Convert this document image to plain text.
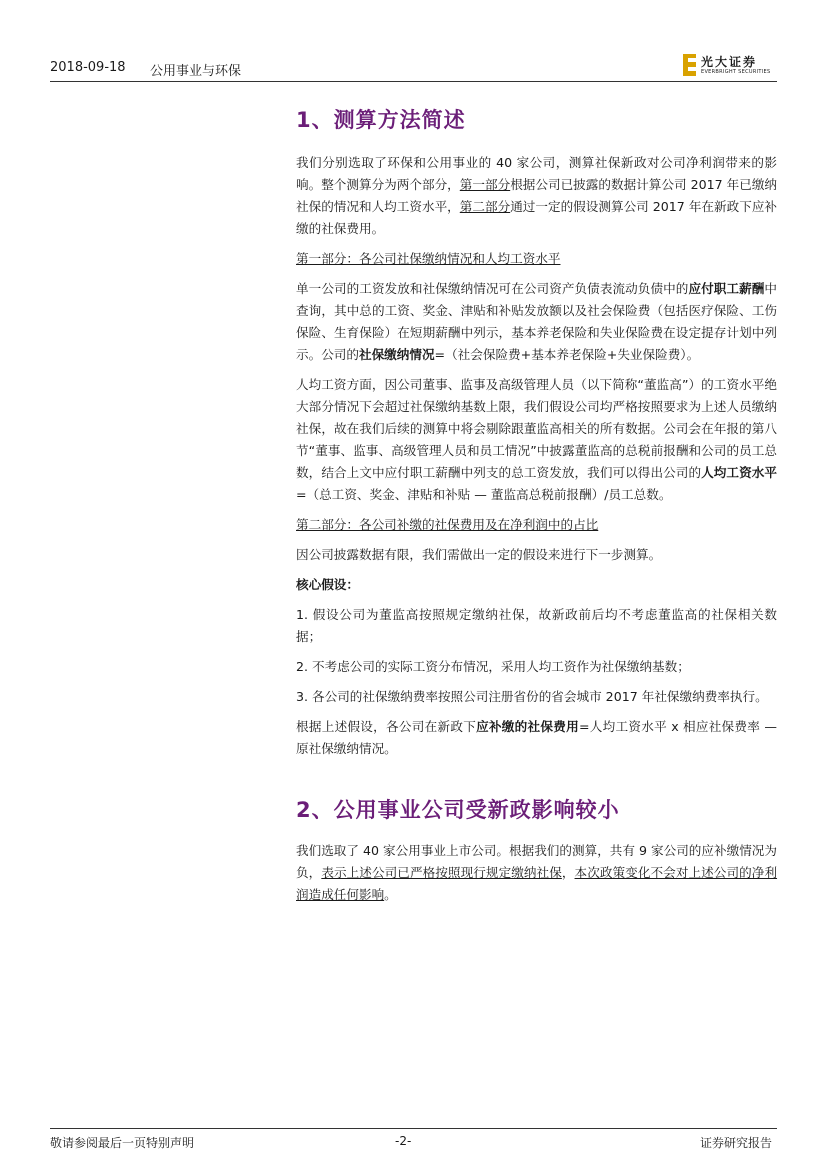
2018-09-18 公用事业与环保
光大证券
EVERBRIGHT SECURITIES
1、测算方法简述

我们分别选取了环保和公用事业的 40 家公司，测算社保新政对公司净利润带来的影响。整个测算分为两个部分，第一部分根据公司已披露的数据计算公司 2017 年已缴纳社保的情况和人均工资水平，第二部分通过一定的假设测算公司 2017 年在新政下应补缴的社保费用。

第一部分：各公司社保缴纳情况和人均工资水平

单一公司的工资发放和社保缴纳情况可在公司资产负债表流动负债中的应付职工薪酬中查询，其中总的工资、奖金、津贴和补贴发放额以及社会保险费（包括医疗保险、工伤保险、生育保险）在短期薪酬中列示，基本养老保险和失业保险费在设定提存计划中列示。公司的社保缴纳情况=（社会保险费+基本养老保险+失业保险费）。

人均工资方面，因公司董事、监事及高级管理人员（以下简称“董监高”）的工资水平绝大部分情况下会超过社保缴纳基数上限，我们假设公司均严格按照要求为上述人员缴纳社保，故在我们后续的测算中将会剔除跟董监高相关的所有数据。公司会在年报的第八节“董事、监事、高级管理人员和员工情况”中披露董监高的总税前报酬和公司的员工总数，结合上文中应付职工薪酬中列支的总工资发放，我们可以得出公司的人均工资水平=（总工资、奖金、津贴和补贴 — 董监高总税前报酬）/员工总数。

第二部分：各公司补缴的社保费用及在净利润中的占比

因公司披露数据有限，我们需做出一定的假设来进行下一步测算。

核心假设：

1. 假设公司为董监高按照规定缴纳社保，故新政前后均不考虑董监高的社保相关数据；

2. 不考虑公司的实际工资分布情况，采用人均工资作为社保缴纳基数；

3. 各公司的社保缴纳费率按照公司注册省份的省会城市 2017 年社保缴纳费率执行。

根据上述假设，各公司在新政下应补缴的社保费用=人均工资水平 x 相应社保费率 — 原社保缴纳情况。

2、公用事业公司受新政影响较小

我们选取了 40 家公用事业上市公司。根据我们的测算，共有 9 家公司的应补缴情况为负，表示上述公司已严格按照现行规定缴纳社保，本次政策变化不会对上述公司的净利润造成任何影响。

敬请参阅最后一页特别声明	-2-	证券研究报告
